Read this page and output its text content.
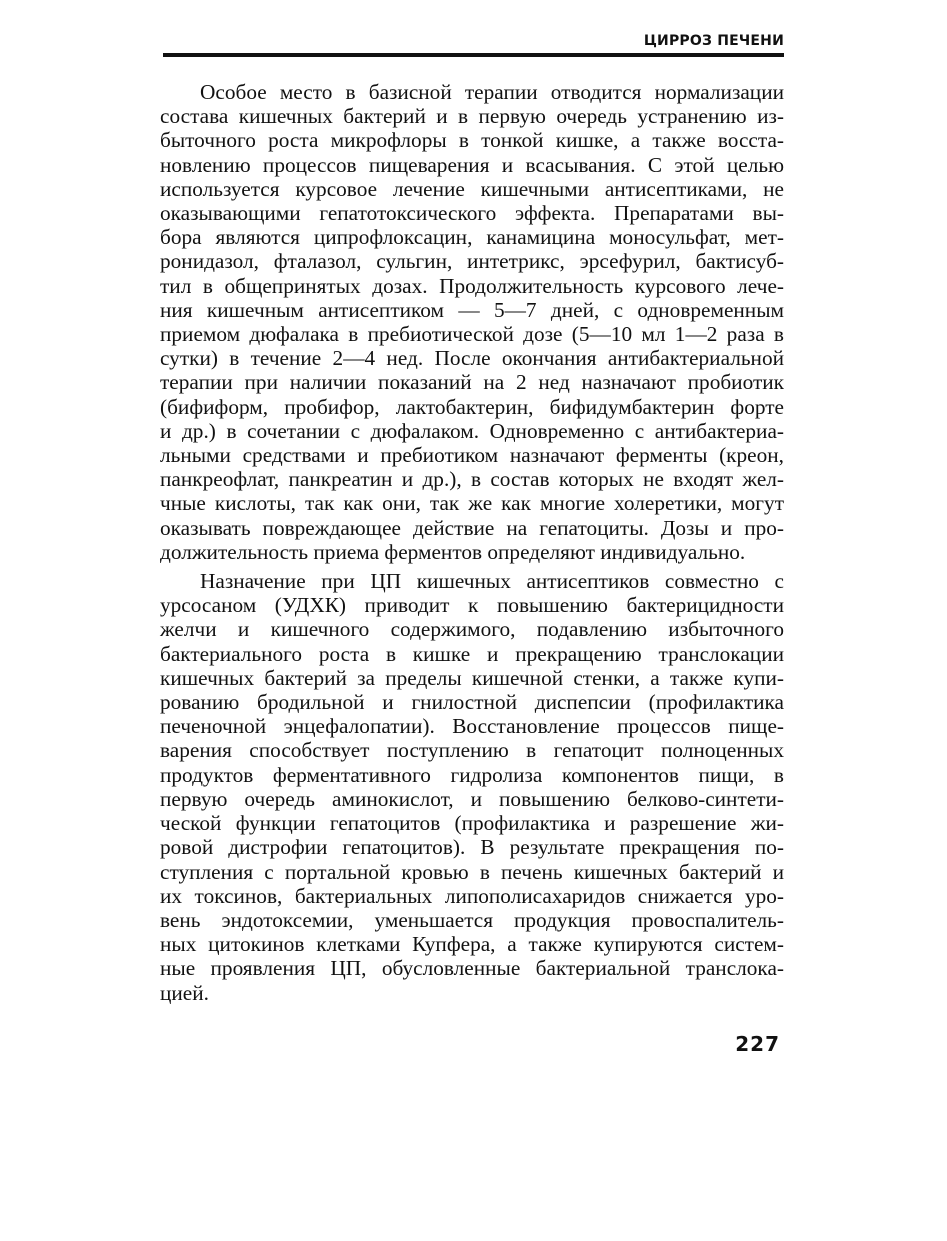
ЦИРРОЗ ПЕЧЕНИ
Особое место в базисной терапии отводится нормализации
состава кишечных бактерий и в первую очередь устранению из-
быточного роста микрофлоры в тонкой кишке, а также восста-
новлению процессов пищеварения и всасывания. С этой целью
используется курсовое лечение кишечными антисептиками, не
оказывающими гепатотоксического эффекта. Препаратами вы-
бора являются ципрофлоксацин, канамицина моносульфат, мет-
ронидазол, фталазол, сульгин, интетрикс, эрсефурил, бактисуб-
тил в общепринятых дозах. Продолжительность курсового лече-
ния кишечным антисептиком — 5—7 дней, с одновременным
приемом дюфалака в пребиотической дозе (5—10 мл 1—2 раза в
сутки) в течение 2—4 нед. После окончания антибактериальной
терапии при наличии показаний на 2 нед назначают пробиотик
(бифиформ, пробифор, лактобактерин, бифидумбактерин форте
и др.) в сочетании с дюфалаком. Одновременно с антибактериа-
льными средствами и пребиотиком назначают ферменты (креон,
панкреофлат, панкреатин и др.), в состав которых не входят жел-
чные кислоты, так как они, так же как многие холеретики, могут
оказывать повреждающее действие на гепатоциты. Дозы и про-
должительность приема ферментов определяют индивидуально.
Назначение при ЦП кишечных антисептиков совместно с
урсосаном (УДХК) приводит к повышению бактерицидности
желчи и кишечного содержимого, подавлению избыточного
бактериального роста в кишке и прекращению транслокации
кишечных бактерий за пределы кишечной стенки, а также купи-
рованию бродильной и гнилостной диспепсии (профилактика
печеночной энцефалопатии). Восстановление процессов пище-
варения способствует поступлению в гепатоцит полноценных
продуктов ферментативного гидролиза компонентов пищи, в
первую очередь аминокислот, и повышению белково-синтети-
ческой функции гепатоцитов (профилактика и разрешение жи-
ровой дистрофии гепатоцитов). В результате прекращения по-
ступления с портальной кровью в печень кишечных бактерий и
их токсинов, бактериальных липополисахаридов снижается уро-
вень эндотоксемии, уменьшается продукция провоспалитель-
ных цитокинов клетками Купфера, а также купируются систем-
ные проявления ЦП, обусловленные бактериальной транслока-
цией.
227
